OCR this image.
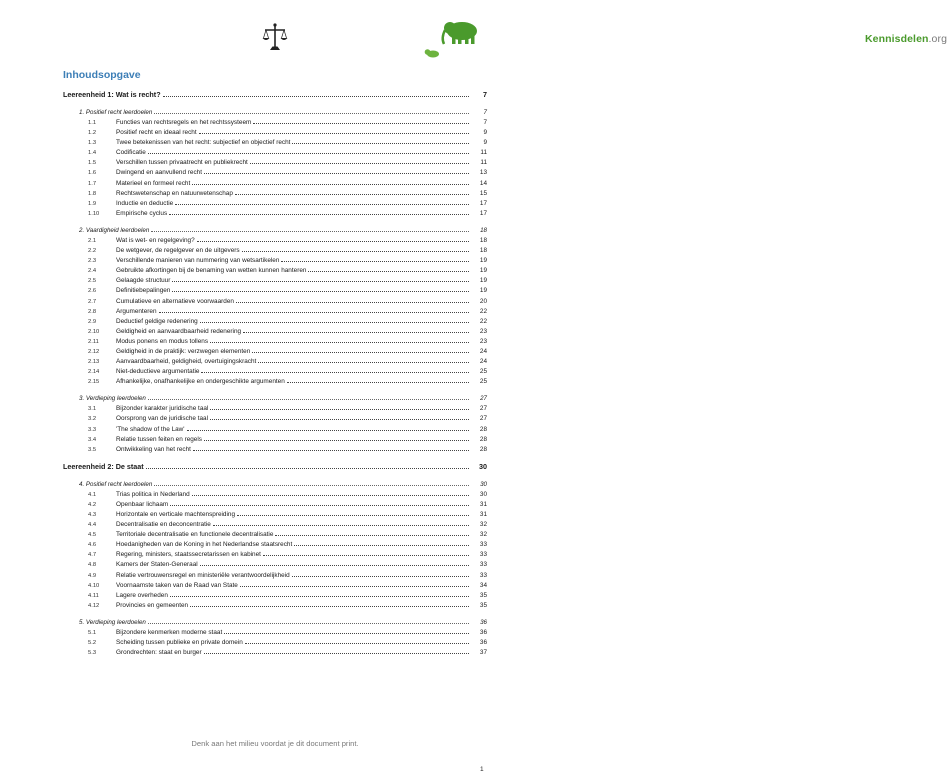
Kennisdelen.org
Inhoudsopgave
Leereenheid 1: Wat is recht?	7
1. Positief recht leerdoelen	7
1.1	Functies van rechtsregels en het rechtssysteem	7
1.2	Positief recht en ideaal recht	9
1.3	Twee betekenissen van het recht: subjectief en objectief recht	9
1.4	Codificatie	11
1.5	Verschillen tussen privaatrecht en publiekrecht	11
1.6	Dwingend en aanvullend recht	13
1.7	Materieel en formeel recht	14
1.8	Rechtswetenschap en natuurwetenschap	15
1.9	Inductie en deductie	17
1.10	Empirische cyclus	17
2. Vaardigheid leerdoelen	18
2.1	Wat is wet- en regelgeving?	18
2.2	De wetgever, de regelgever en de uitgevers	18
2.3	Verschillende manieren van nummering van wetsartikelen	19
2.4	Gebruikte afkortingen bij de benaming van wetten kunnen hanteren	19
2.5	Gelaagde structuur	19
2.6	Definitiebepalingen	19
2.7	Cumulatieve en alternatieve voorwaarden	20
2.8	Argumenteren	22
2.9	Deductief geldige redenering	22
2.10	Geldigheid en aanvaardbaarheid redenering	23
2.11	Modus ponens en modus tollens	23
2.12	Geldigheid in de praktijk: verzwegen elementen	24
2.13	Aanvaardbaarheid, geldigheid, overtuigingskracht	24
2.14	Niet-deductieve argumentatie	25
2.15	Afhankelijke, onafhankelijke en ondergeschikte argumenten	25
3. Verdieping leerdoelen	27
3.1	Bijzonder karakter juridische taal	27
3.2	Oorsprong van de juridische taal	27
3.3	'The shadow of the Law'	28
3.4	Relatie tussen feiten en regels	28
3.5	Ontwikkeling van het recht	28
Leereenheid 2: De staat	30
4. Positief recht leerdoelen	30
4.1	Trias politica in Nederland	30
4.2	Openbaar lichaam	31
4.3	Horizontale en verticale machtenspreiding	31
4.4	Decentralisatie en deconcentratie	32
4.5	Territoriale decentralisatie en functionele decentralisatie	32
4.6	Hoedanigheden van de Koning in het Nederlandse staatsrecht	33
4.7	Regering, ministers, staatssecretarissen en kabinet	33
4.8	Kamers der Staten-Generaal	33
4.9	Relatie vertrouwensregel en ministeriële verantwoordelijkheid	33
4.10	Voornaamste taken van de Raad van State	34
4.11	Lagere overheden	35
4.12	Provincies en gemeenten	35
5. Verdieping leerdoelen	36
5.1	Bijzondere kenmerken moderne staat	36
5.2	Scheiding tussen publieke en private domein	36
5.3	Grondrechten: staat en burger	37
Denk aan het milieu voordat je dit document print.
1
